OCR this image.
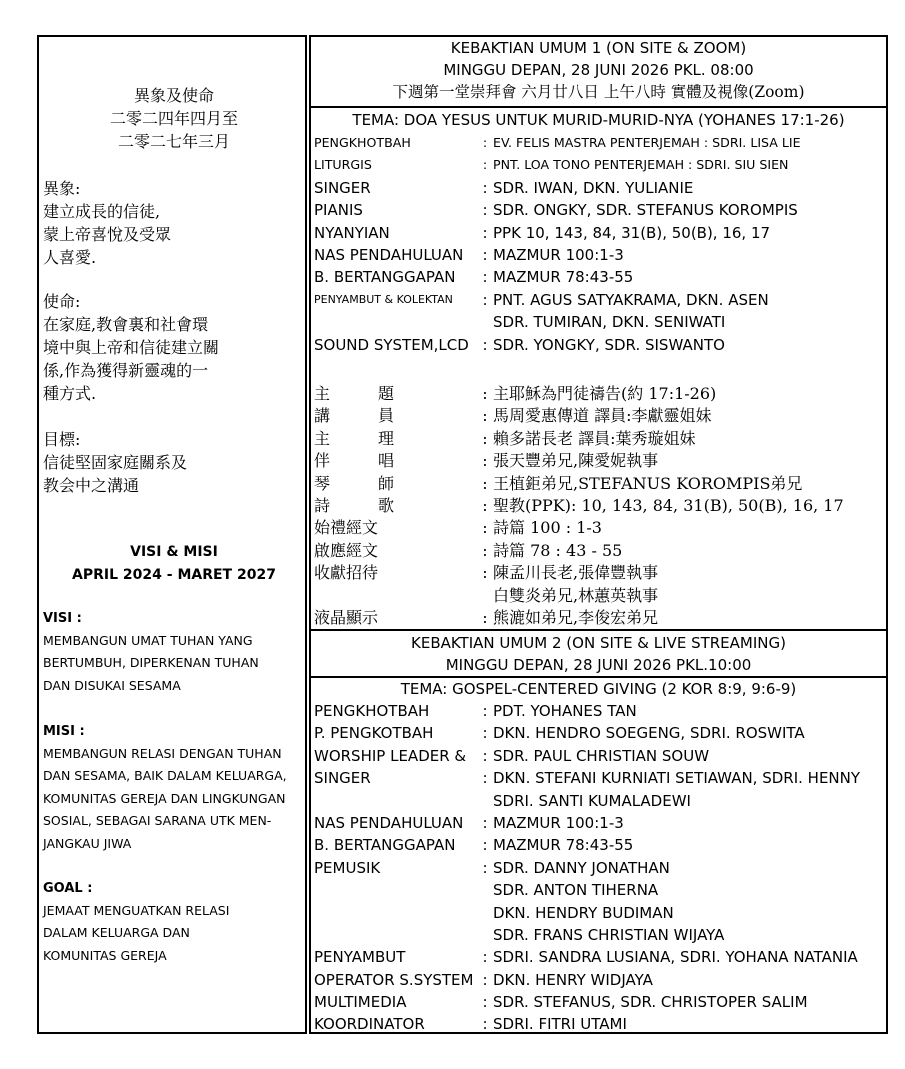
異象及使命
二零二四年四月至
二零二七年三月
異象:
建立成長的信徒,
蒙上帝喜悅及受眾
人喜愛.
使命:
在家庭,教會裏和社會環
境中與上帝和信徒建立關
係,作為獲得新靈魂的一
種方式.
目標:
信徒堅固家庭關系及
教会中之溝通
VISI & MISI
APRIL 2024 - MARET 2027
VISI :
MEMBANGUN UMAT TUHAN YANG
BERTUMBUH, DIPERKENAN TUHAN
DAN DISUKAI SESAMA
MISI :
MEMBANGUN RELASI DENGAN TUHAN
DAN SESAMA, BAIK DALAM KELUARGA,
KOMUNITAS GEREJA DAN LINGKUNGAN
SOSIAL, SEBAGAI SARANA UTK MEN-
JANGKAU JIWA
GOAL :
JEMAAT MENGUATKAN RELASI
DALAM KELUARGA DAN
KOMUNITAS GEREJA
KEBAKTIAN UMUM 1 (ON SITE & ZOOM)
MINGGU DEPAN, 28 JUNI 2026 PKL. 08:00
下週第一堂崇拜會 六月廿八日 上午八時 實體及視像(Zoom)
TEMA: DOA YESUS UNTUK MURID-MURID-NYA (YOHANES 17:1-26)
PENGKHOTBAH	: EV. FELIS MASTRA PENTERJEMAH : SDRI. LISA LIE
LITURGIS	: PNT. LOA TONO PENTERJEMAH : SDRI. SIU SIEN
SINGER	: SDR. IWAN, DKN. YULIANIE
PIANIS	: SDR. ONGKY, SDR. STEFANUS KOROMPIS
NYANYIAN	: PPK 10, 143, 84, 31(B), 50(B), 16, 17
NAS PENDAHULUAN	: MAZMUR 100:1-3
B. BERTANGGAPAN	: MAZMUR 78:43-55
PENYAMBUT & KOLEKTAN	: PNT. AGUS SATYAKRAMA, DKN. ASEN
SDR. TUMIRAN, DKN. SENIWATI
SOUND SYSTEM,LCD : SDR. YONGKY, SDR. SISWANTO
主	題	: 主耶穌為門徒禱告(約 17:1-26)
講	員	: 馬周愛惠傳道 譯員:李獻靈姐妹
主	理	: 賴多諾長老 譯員:葉秀璇姐妹
伴	唱	: 張天豐弟兄,陳愛妮執事
琴	師	: 王植鉅弟兄,STEFANUS KOROMPIS弟兄
詩	歌	: 聖教(PPK): 10, 143, 84, 31(B), 50(B), 16, 17
始禮經文	: 詩篇 100 : 1-3
啟應經文	: 詩篇 78 : 43 - 55
收獻招待	: 陳孟川長老,張偉豐執事
白雙炎弟兄,林蕙英執事
液晶顯示	: 熊漉如弟兄,李俊宏弟兄
KEBAKTIAN UMUM 2 (ON SITE & LIVE STREAMING)
MINGGU DEPAN, 28 JUNI 2026 PKL.10:00
TEMA: GOSPEL-CENTERED GIVING (2 KOR 8:9, 9:6-9)
PENGKHOTBAH	: PDT. YOHANES TAN
P. PENGKOTBAH	: DKN. HENDRO SOEGENG, SDRI. ROSWITA
WORSHIP LEADER &	: SDR. PAUL CHRISTIAN SOUW
SINGER	: DKN. STEFANI KURNIATI SETIAWAN, SDRI. HENNY
SDRI. SANTI KUMALADEWI
NAS PENDAHULUAN	: MAZMUR 100:1-3
B. BERTANGGAPAN	: MAZMUR 78:43-55
PEMUSIK	: SDR. DANNY JONATHAN
SDR. ANTON TIHERNA
DKN. HENDRY BUDIMAN
SDR. FRANS CHRISTIAN WIJAYA
PENYAMBUT	: SDRI. SANDRA LUSIANA, SDRI. YOHANA NATANIA
OPERATOR S.SYSTEM : DKN. HENRY WIDJAYA
MULTIMEDIA	: SDR. STEFANUS, SDR. CHRISTOPER SALIM
KOORDINATOR	: SDRI. FITRI UTAMI
